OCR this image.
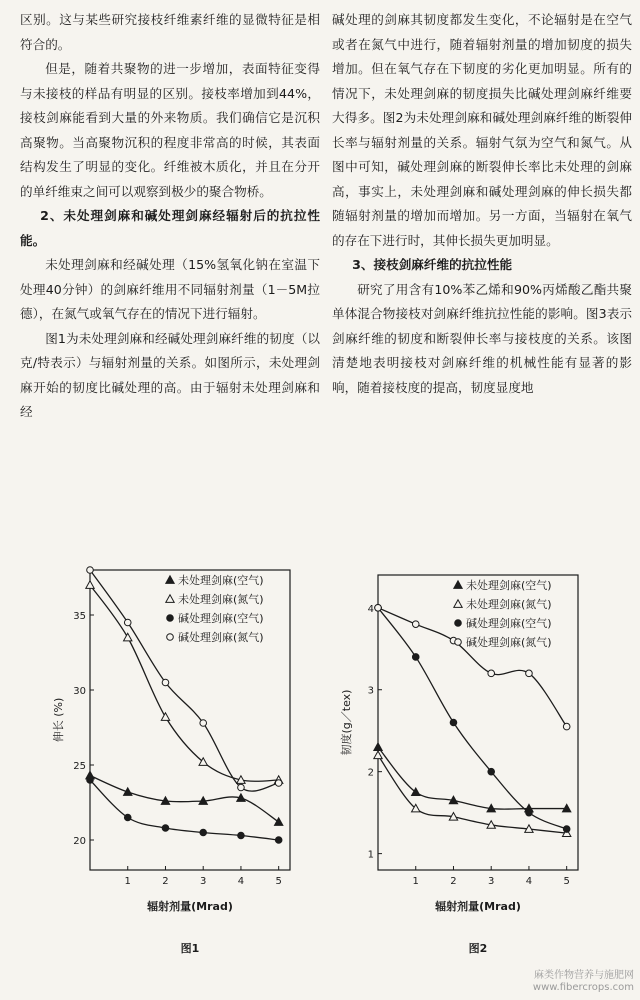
区别。这与某些研究接枝纤维素纤维的显微特征是相符合的。

但是，随着共聚物的进一步增加，表面特征变得与未接枝的样品有明显的区别。接枝率增加到44%，接枝剑麻能看到大量的外来物质。我们确信它是沉积高聚物。当高聚物沉积的程度非常高的时候，其表面结构发生了明显的变化。纤维被木质化，并且在分开的单纤维束之间可以观察到极少的聚合物桥。

2、未处理剑麻和碱处理剑麻经辐射后的抗拉性能。

未处理剑麻和经碱处理（15%氢氧化钠在室温下处理40分钟）的剑麻纤维用不同辐射剂量（1－5M拉德），在氮气或氧气存在的情况下进行辐射。

图1为未处理剑麻和经碱处理剑麻纤维的韧度（以克/特表示）与辐射剂量的关系。如图所示，未处理剑麻开始的韧度比碱处理的高。由于辐射未处理剑麻和经

碱处理的剑麻其韧度都发生变化，不论辐射是在空气或者在氮气中进行，随着辐射剂量的增加韧度的损失增加。但在氧气存在下韧度的劣化更加明显。所有的情况下，未处理剑麻的韧度损失比碱处理剑麻纤维要大得多。图2为未处理剑麻和碱处理剑麻纤维的断裂伸长率与辐射剂量的关系。辐射气氛为空气和氮气。从图中可知，碱处理剑麻的断裂伸长率比未处理的剑麻高，事实上，未处理剑麻和碱处理剑麻的伸长损失都随辐射剂量的增加而增加。另一方面，当辐射在氧气的存在下进行时，其伸长损失更加明显。

3、接枝剑麻纤维的抗拉性能

研究了用含有10%苯乙烯和90%丙烯酸乙酯共聚单体混合物接枝对剑麻纤维抗拉性能的影响。图3表示剑麻纤维的韧度和断裂伸长率与接枝度的关系。该图清楚地表明接枝对剑麻纤维的机械性能有显著的影响，随着接枝度的提高，韧度显度地

1	2	3	4	5
20
25
30
35
伸长 (%)
辐射剂量(Mrad)
图1
未处理剑麻(空气)
未处理剑麻(氮气)
碱处理剑麻(空气)
碱处理剑麻(氮气)
1	2	3	4	5
1
2
3
4
韧度(g／tex)
辐射剂量(Mrad)
图2
未处理剑麻(空气)
未处理剑麻(氮气)
碱处理剑麻(空气)
碱处理剑麻(氮气)
麻类作物营养与施肥网
www.fibercrops.com
